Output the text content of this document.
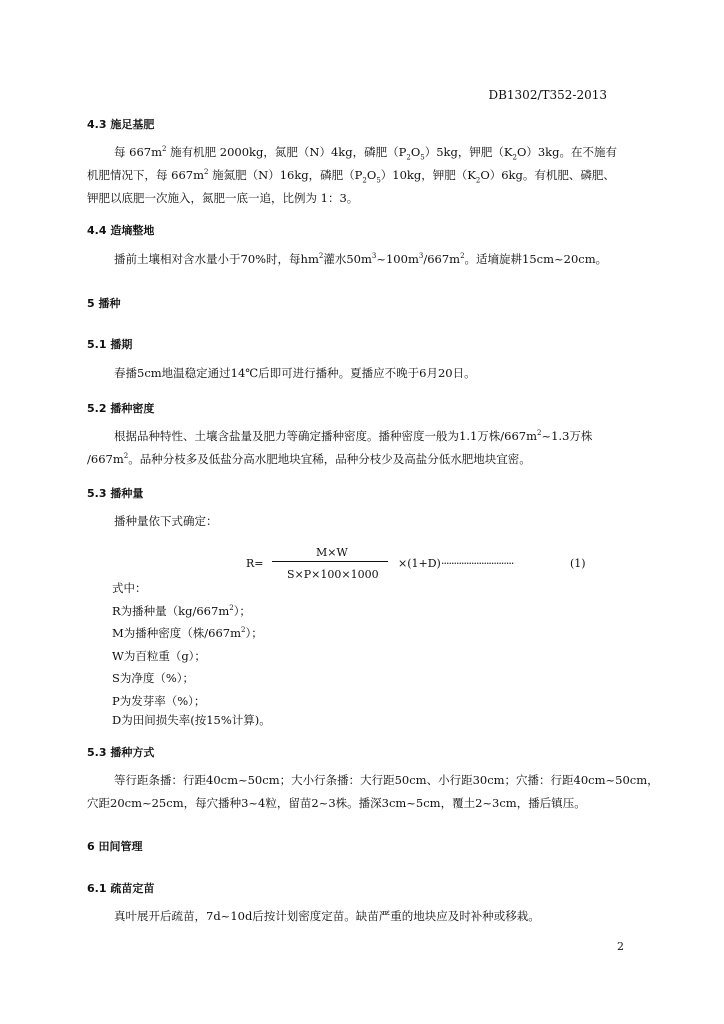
DB1302/T352-2013
4.3 施足基肥
每 $667m^2$ 施有机肥 2000kg，氮肥（N）4kg，磷肥$(P_2O_5)5kg$，钾肥$(K_2O)3kg$。在不施有
机肥情况下，每 $667m^2$ 施氮肥（N）16kg，磷肥$(P_2O_5)10kg$，钾肥$(K_2O)6kg$。有机肥、磷肥、
钾肥以底肥一次施入，氮肥一底一追，比例为 1：3。
4.4 造墒整地
播前土壤相对含水量小于70%时，每$hm^2$灌水$50m^3\sim 100m^3/667m^2$。适墒旋耕15cm~20cm。
5 播种
5.1 播期
春播5cm地温稳定通过14℃后即可进行播种。夏播应不晚于6月20日。
5.2 播种密度
根据品种特性、土壤含盐量及肥力等确定播种密度。播种密度一般为1.1万株$/667m^2\sim 1.3$万株
$/667m^2$。品种分枝多及低盐分高水肥地块宜稀，品种分枝少及高盐分低水肥地块宜密。
5.3 播种量
播种量依下式确定：
R=
M×W
S×P×100×1000
×(1+D) ·····························	(1)
式中：
R为播种量$(kg/667m^2)$；
M为播种密度（株$/667m^2$）；
W为百粒重（g）；
S为净度（%）；
P为发芽率（%）；
D为田间损失率(按15%计算)。
5.3 播种方式
等行距条播：行距40cm~50cm；大小行条播：大行距50cm、小行距30cm；穴播：行距40cm~50cm，
穴距20cm~25cm，每穴播种3~4粒，留苗2~3株。播深3cm~5cm，覆土2~3cm，播后镇压。
6 田间管理
6.1 疏苗定苗
真叶展开后疏苗，7d~10d后按计划密度定苗。缺苗严重的地块应及时补种或移栽。
2
